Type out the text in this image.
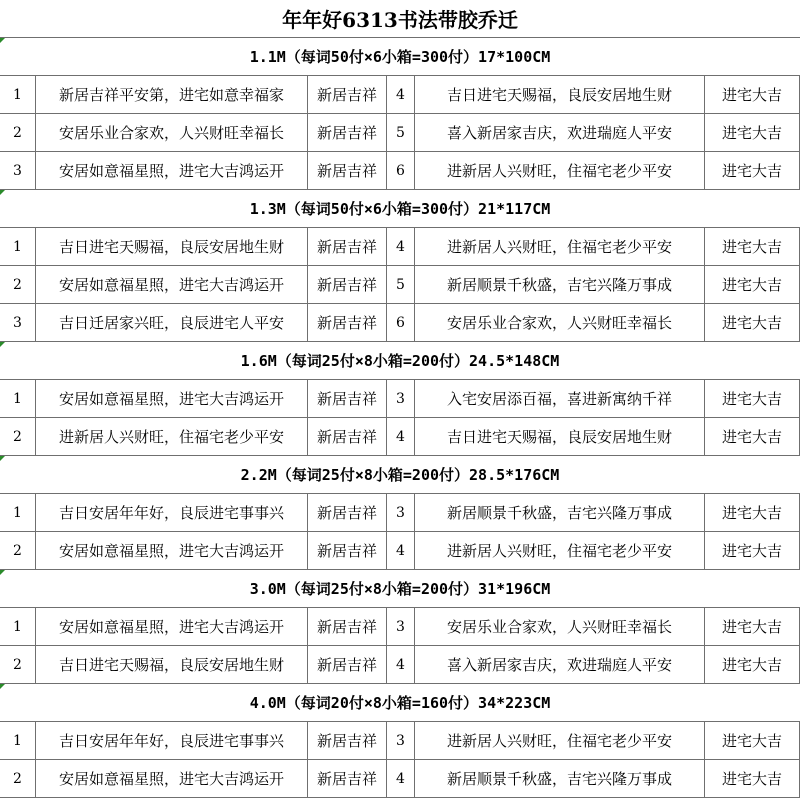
年年好6313书法带胶乔迁
1.1M（每词50付×6小箱=300付）17*100CM
1	新居吉祥平安第，进宅如意幸福家	新居吉祥	4	吉日进宅天赐福，良辰安居地生财	进宅大吉
2	安居乐业合家欢，人兴财旺幸福长	新居吉祥	5	喜入新居家吉庆，欢进瑞庭人平安	进宅大吉
3	安居如意福星照，进宅大吉鸿运开	新居吉祥	6	进新居人兴财旺，住福宅老少平安	进宅大吉
1.3M（每词50付×6小箱=300付）21*117CM
1	吉日进宅天赐福，良辰安居地生财	新居吉祥	4	进新居人兴财旺，住福宅老少平安	进宅大吉
2	安居如意福星照，进宅大吉鸿运开	新居吉祥	5	新居顺景千秋盛，吉宅兴隆万事成	进宅大吉
3	吉日迁居家兴旺，良辰进宅人平安	新居吉祥	6	安居乐业合家欢，人兴财旺幸福长	进宅大吉
1.6M（每词25付×8小箱=200付）24.5*148CM
1	安居如意福星照，进宅大吉鸿运开	新居吉祥	3	入宅安居添百福，喜进新寓纳千祥	进宅大吉
2	进新居人兴财旺，住福宅老少平安	新居吉祥	4	吉日进宅天赐福，良辰安居地生财	进宅大吉
2.2M（每词25付×8小箱=200付）28.5*176CM
1	吉日安居年年好，良辰进宅事事兴	新居吉祥	3	新居顺景千秋盛，吉宅兴隆万事成	进宅大吉
2	安居如意福星照，进宅大吉鸿运开	新居吉祥	4	进新居人兴财旺，住福宅老少平安	进宅大吉
3.0M（每词25付×8小箱=200付）31*196CM
1	安居如意福星照，进宅大吉鸿运开	新居吉祥	3	安居乐业合家欢，人兴财旺幸福长	进宅大吉
2	吉日进宅天赐福，良辰安居地生财	新居吉祥	4	喜入新居家吉庆，欢进瑞庭人平安	进宅大吉
4.0M（每词20付×8小箱=160付）34*223CM
1	吉日安居年年好，良辰进宅事事兴	新居吉祥	3	进新居人兴财旺，住福宅老少平安	进宅大吉
2	安居如意福星照，进宅大吉鸿运开	新居吉祥	4	新居顺景千秋盛，吉宅兴隆万事成	进宅大吉
